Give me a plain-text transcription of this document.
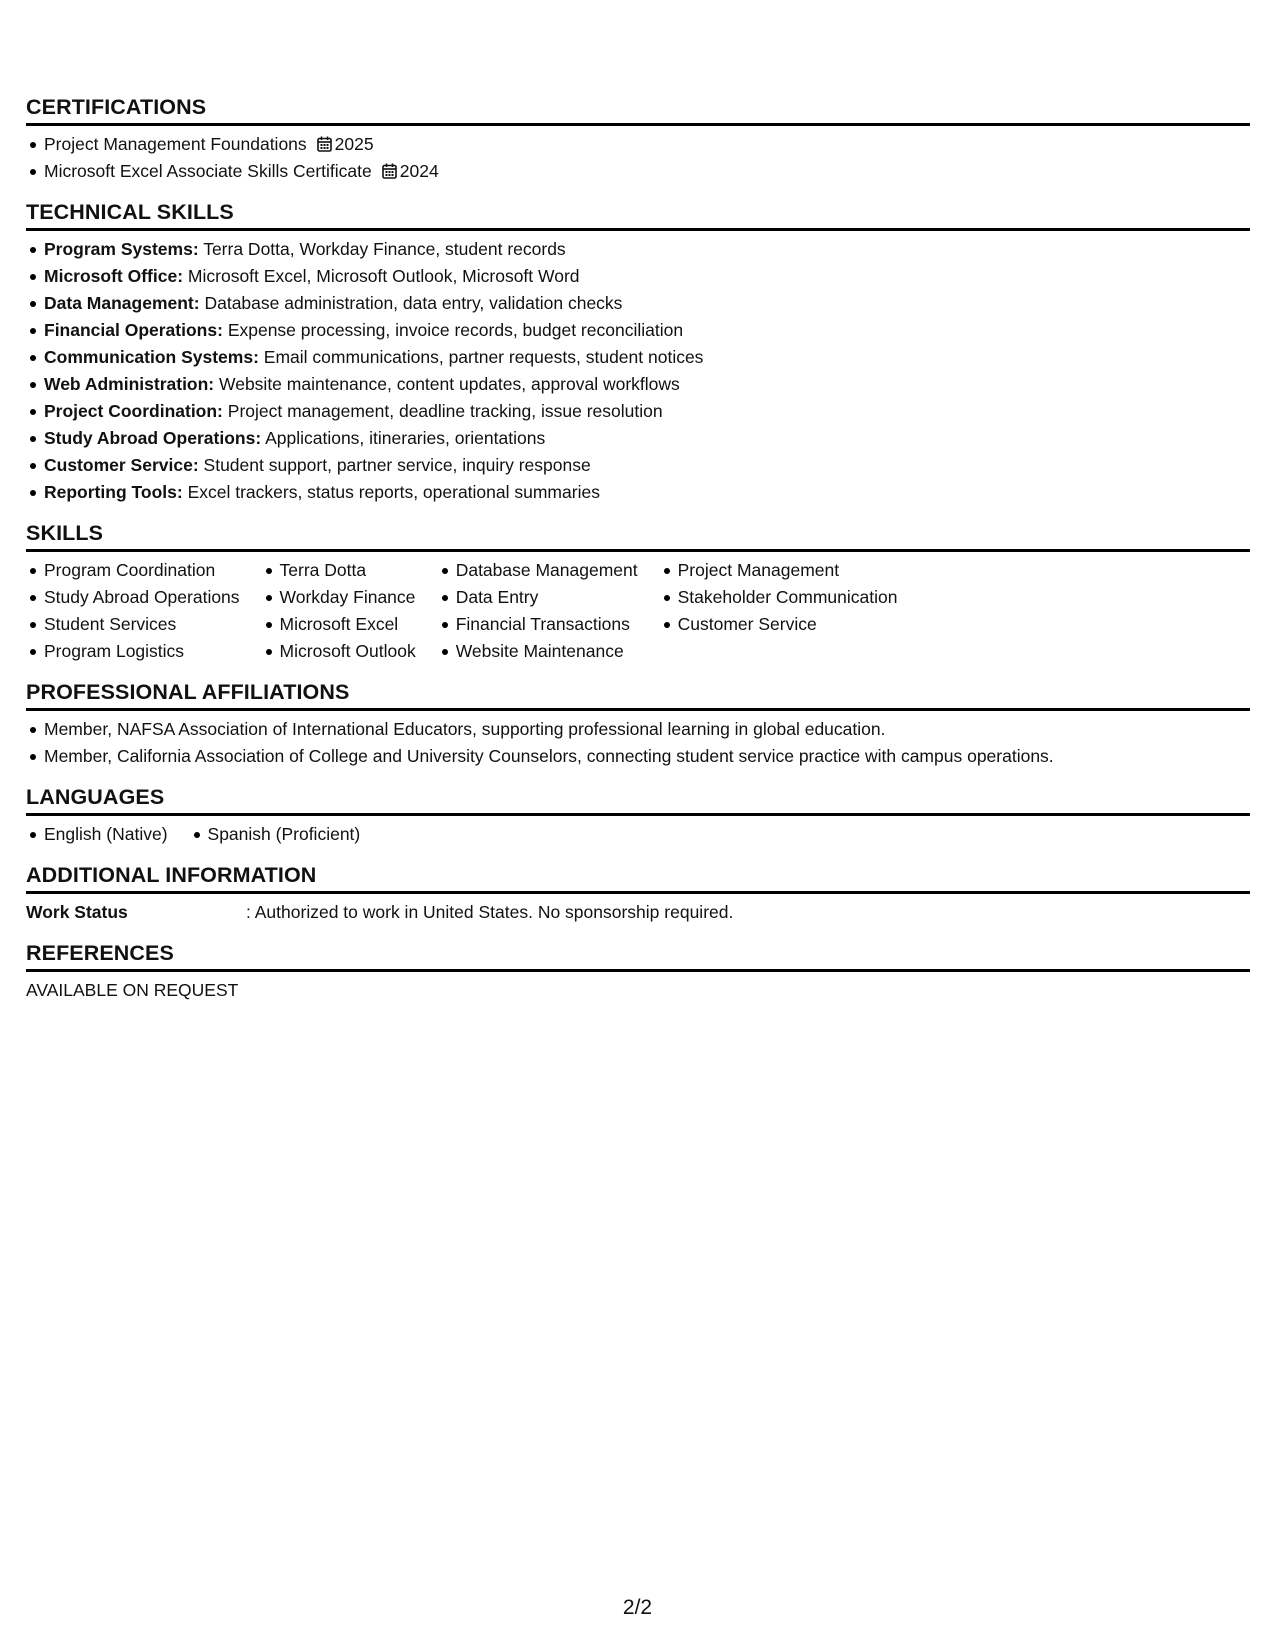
CERTIFICATIONS
Project Management Foundations 2025
Microsoft Excel Associate Skills Certificate 2024
TECHNICAL SKILLS
Program Systems: Terra Dotta, Workday Finance, student records
Microsoft Office: Microsoft Excel, Microsoft Outlook, Microsoft Word
Data Management: Database administration, data entry, validation checks
Financial Operations: Expense processing, invoice records, budget reconciliation
Communication Systems: Email communications, partner requests, student notices
Web Administration: Website maintenance, content updates, approval workflows
Project Coordination: Project management, deadline tracking, issue resolution
Study Abroad Operations: Applications, itineraries, orientations
Customer Service: Student support, partner service, inquiry response
Reporting Tools: Excel trackers, status reports, operational summaries
SKILLS
Program Coordination
Study Abroad Operations
Student Services
Program Logistics
Terra Dotta
Workday Finance
Microsoft Excel
Microsoft Outlook
Database Management
Data Entry
Financial Transactions
Website Maintenance
Project Management
Stakeholder Communication
Customer Service
PROFESSIONAL AFFILIATIONS
Member, NAFSA Association of International Educators, supporting professional learning in global education.
Member, California Association of College and University Counselors, connecting student service practice with campus operations.
LANGUAGES
English (Native)	Spanish (Proficient)
ADDITIONAL INFORMATION
Work Status	: Authorized to work in United States. No sponsorship required.
REFERENCES
AVAILABLE ON REQUEST
2/2
